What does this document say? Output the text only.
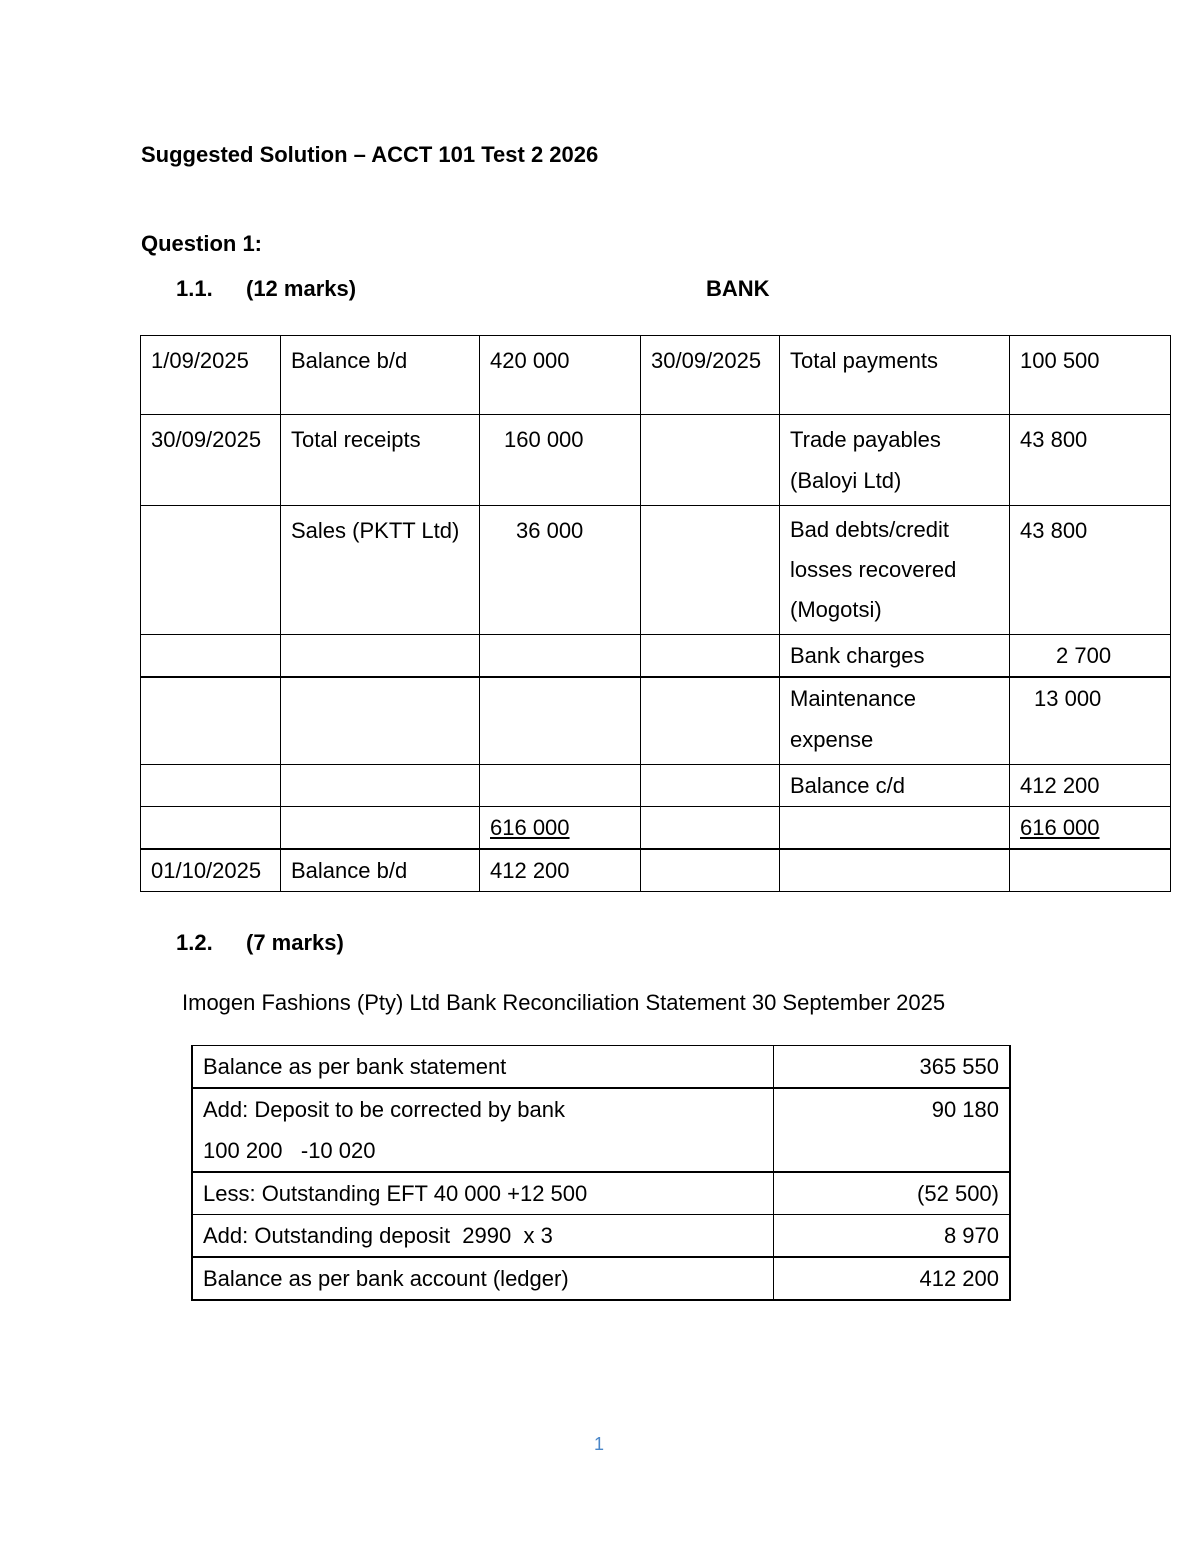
Suggested Solution – ACCT 101 Test 2 2026
Question 1:
1.1. (12 marks)	BANK
1/09/2025	Balance b/d	420 000	30/09/2025	Total payments	100 500
30/09/2025	Total receipts	160 000		Trade payables (Baloyi Ltd)	43 800
	Sales (PKTT Ltd)	36 000		Bad debts/credit losses recovered (Mogotsi)	43 800
				Bank charges	2 700
				Maintenance expense	13 000
				Balance c/d	412 200
		616 000			616 000
01/10/2025	Balance b/d	412 200			
1.2. (7 marks)
Imogen Fashions (Pty) Ltd Bank Reconciliation Statement 30 September 2025
Balance as per bank statement	365 550

Add: Deposit to be corrected by bank
100 200   -10 020	90 180
Less: Outstanding EFT 40 000 +12 500	(52 500)
Add: Outstanding deposit  2990  x 3	8 970
Balance as per bank account (ledger)	412 200
1
